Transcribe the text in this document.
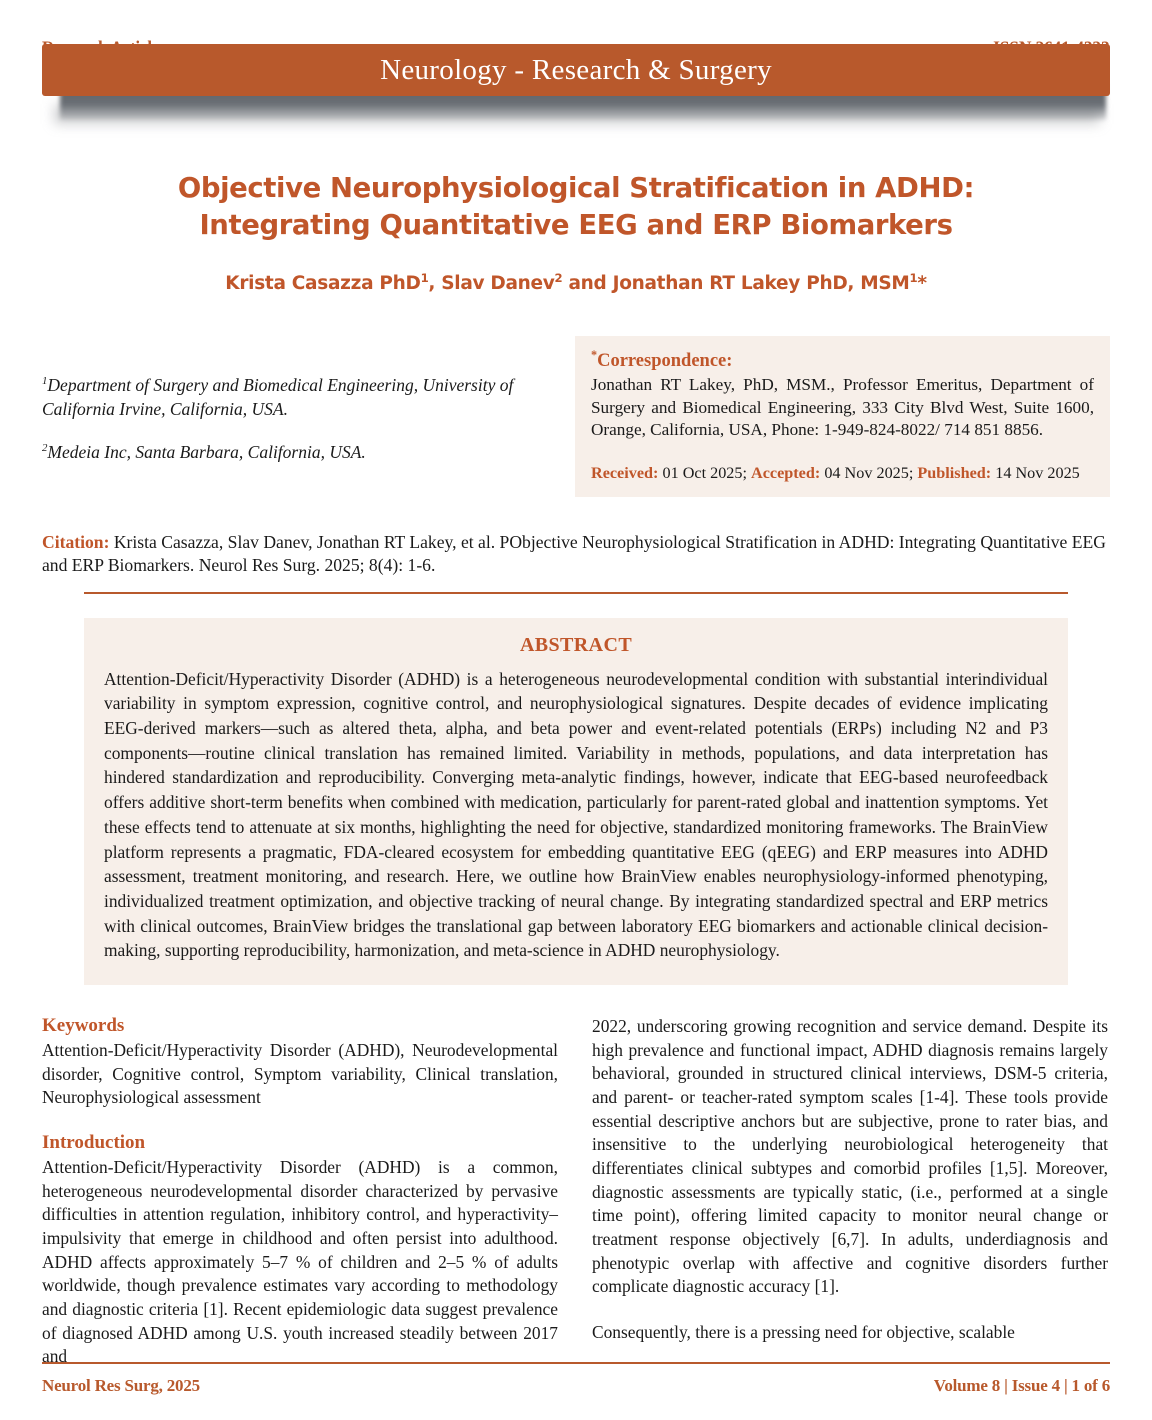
Neurology - Research & Surgery
Objective Neurophysiological Stratification in ADHD: Integrating Quantitative EEG and ERP Biomarkers
Krista Casazza PhD$^1$, Slav Danev$^2$ and Jonathan RT Lakey PhD, MSM$^1$*

$^1$Department of Surgery and Biomedical Engineering, University of California Irvine, California, USA.

$^2$Medeia Inc, Santa Barbara, California, USA.

*Correspondence:
Jonathan RT Lakey, PhD, MSM., Professor Emeritus, Department of Surgery and Biomedical Engineering, 333 City Blvd West, Suite 1600, Orange, California, USA, Phone: 1-949-824-8022/ 714 851 8856.
Received: 01 Oct 2025; Accepted: 04 Nov 2025; Published: 14 Nov 2025
Citation: Krista Casazza, Slav Danev, Jonathan RT Lakey, et al. PObjective Neurophysiological Stratification in ADHD: Integrating Quantitative EEG and ERP Biomarkers. Neurol Res Surg. 2025; 8(4): 1-6.
ABSTRACT
Attention-Deficit/Hyperactivity Disorder (ADHD) is a heterogeneous neurodevelopmental condition with substantial interindividual variability in symptom expression, cognitive control, and neurophysiological signatures. Despite decades of evidence implicating EEG-derived markers—such as altered theta, alpha, and beta power and event-related potentials (ERPs) including N2 and P3 components—routine clinical translation has remained limited. Variability in methods, populations, and data interpretation has hindered standardization and reproducibility. Converging meta-analytic findings, however, indicate that EEG-based neurofeedback offers additive short-term benefits when combined with medication, particularly for parent-rated global and inattention symptoms. Yet these effects tend to attenuate at six months, highlighting the need for objective, standardized monitoring frameworks. The BrainView platform represents a pragmatic, FDA-cleared ecosystem for embedding quantitative EEG (qEEG) and ERP measures into ADHD assessment, treatment monitoring, and research. Here, we outline how BrainView enables neurophysiology-informed phenotyping, individualized treatment optimization, and objective tracking of neural change. By integrating standardized spectral and ERP metrics with clinical outcomes, BrainView bridges the translational gap between laboratory EEG biomarkers and actionable clinical decision-making, supporting reproducibility, harmonization, and meta-science in ADHD neurophysiology.
Keywords

Attention-Deficit/Hyperactivity Disorder (ADHD), Neurodevelopmental disorder, Cognitive control, Symptom variability, Clinical translation, Neurophysiological assessment

Introduction

Attention-Deficit/Hyperactivity Disorder (ADHD) is a common, heterogeneous neurodevelopmental disorder characterized by pervasive difficulties in attention regulation, inhibitory control, and hyperactivity–impulsivity that emerge in childhood and often persist into adulthood. ADHD affects approximately 5–7 % of children and 2–5 % of adults worldwide, though prevalence estimates vary according to methodology and diagnostic criteria [1]. Recent epidemiologic data suggest prevalence of diagnosed ADHD among U.S. youth increased steadily between 2017 and

2022, underscoring growing recognition and service demand. Despite its high prevalence and functional impact, ADHD diagnosis remains largely behavioral, grounded in structured clinical interviews, DSM-5 criteria, and parent- or teacher-rated symptom scales [1-4]. These tools provide essential descriptive anchors but are subjective, prone to rater bias, and insensitive to the underlying neurobiological heterogeneity that differentiates clinical subtypes and comorbid profiles [1,5]. Moreover, diagnostic assessments are typically static, (i.e., performed at a single time point), offering limited capacity to monitor neural change or treatment response objectively [6,7]. In adults, underdiagnosis and phenotypic overlap with affective and cognitive disorders further complicate diagnostic accuracy [1].

Consequently, there is a pressing need for objective, scalable

Neurol Res Surg, 2025	Volume 8 | Issue 4 | 1 of 6
